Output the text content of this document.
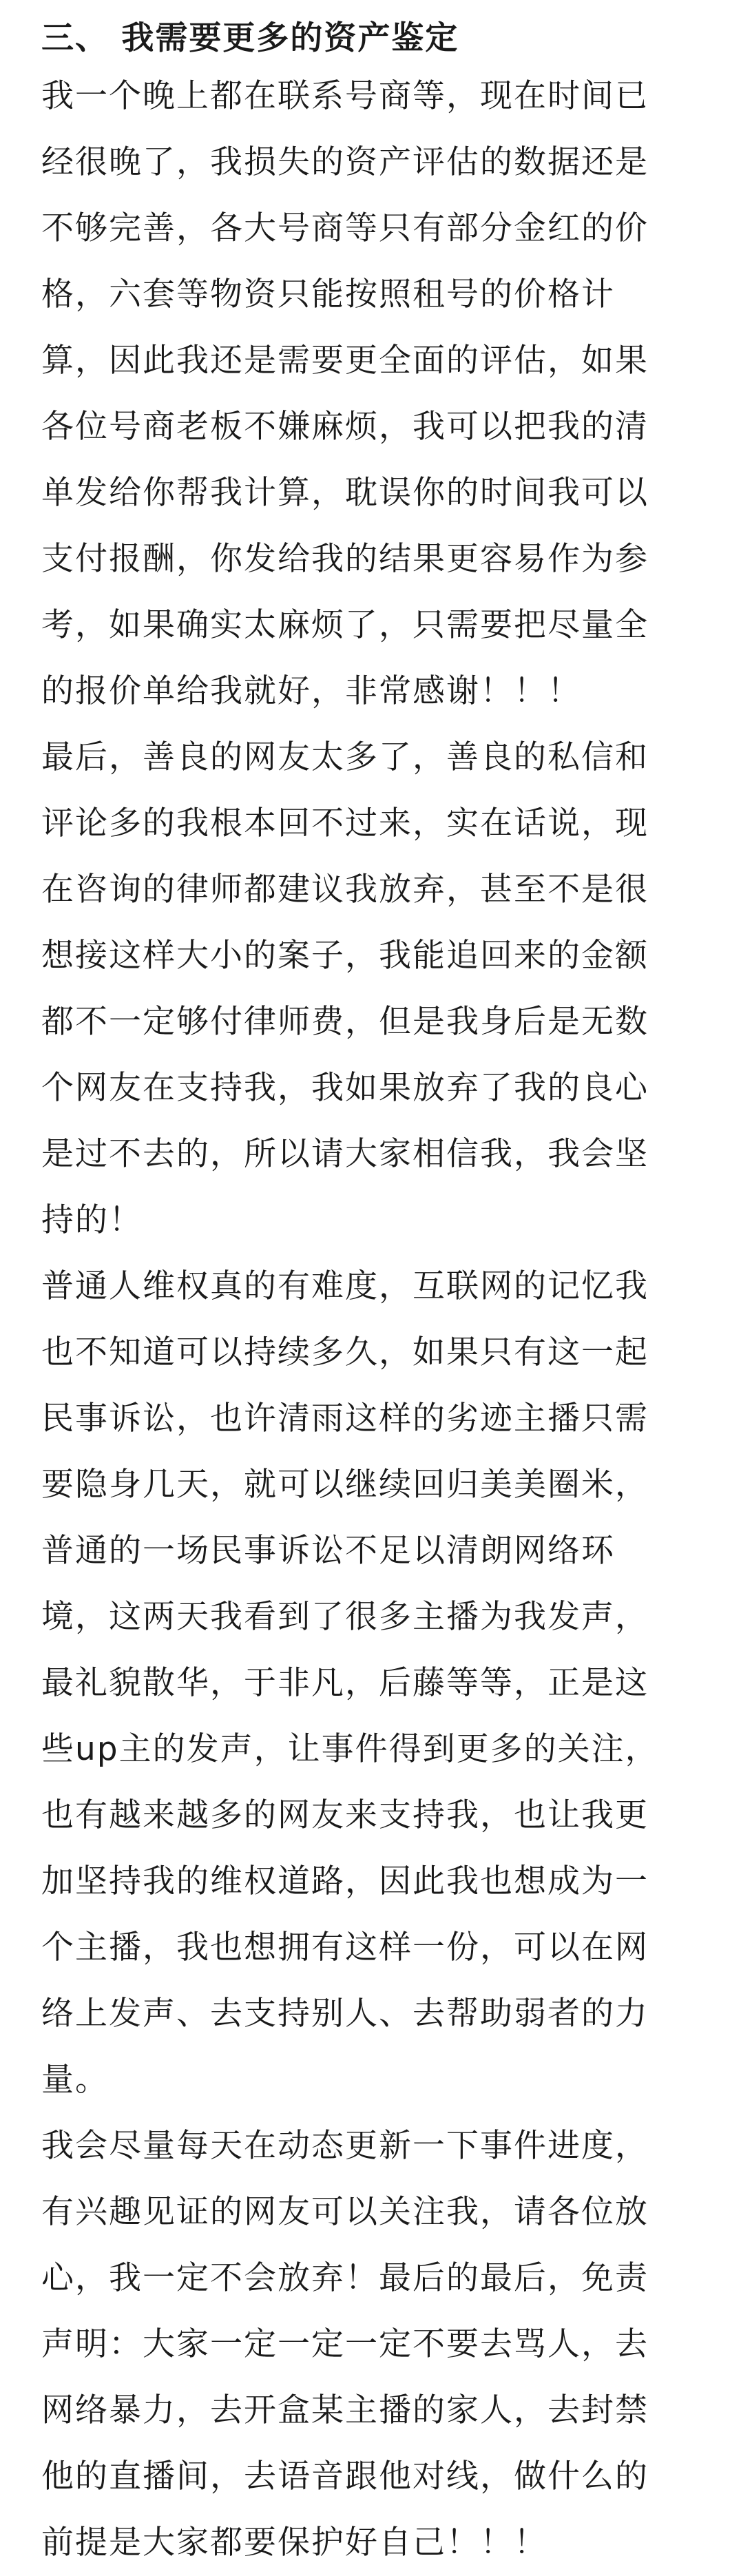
三、 我需要更多的资产鉴定

我一个晚上都在联系号商等，现在时间已
经很晚了，我损失的资产评估的数据还是
不够完善，各大号商等只有部分金红的价
格，六套等物资只能按照租号的价格计
算，因此我还是需要更全面的评估，如果
各位号商老板不嫌麻烦，我可以把我的清
单发给你帮我计算，耽误你的时间我可以
支付报酬，你发给我的结果更容易作为参
考，如果确实太麻烦了，只需要把尽量全
的报价单给我就好，非常感谢！！！

最后，善良的网友太多了，善良的私信和
评论多的我根本回不过来，实在话说，现
在咨询的律师都建议我放弃，甚至不是很
想接这样大小的案子，我能追回来的金额
都不一定够付律师费，但是我身后是无数
个网友在支持我，我如果放弃了我的良心
是过不去的，所以请大家相信我，我会坚
持的！

普通人维权真的有难度，互联网的记忆我
也不知道可以持续多久，如果只有这一起
民事诉讼，也许清雨这样的劣迹主播只需
要隐身几天，就可以继续回归美美圈米，
普通的一场民事诉讼不足以清朗网络环
境，这两天我看到了很多主播为我发声，
最礼貌散华，于非凡，后藤等等，正是这
些up主的发声，让事件得到更多的关注，
也有越来越多的网友来支持我，也让我更
加坚持我的维权道路，因此我也想成为一
个主播，我也想拥有这样一份，可以在网
络上发声、去支持别人、去帮助弱者的力
量。

我会尽量每天在动态更新一下事件进度，
有兴趣见证的网友可以关注我，请各位放
心，我一定不会放弃！最后的最后，免责
声明：大家一定一定一定不要去骂人，去
网络暴力，去开盒某主播的家人，去封禁
他的直播间，去语音跟他对线，做什么的
前提是大家都要保护好自己！！！
